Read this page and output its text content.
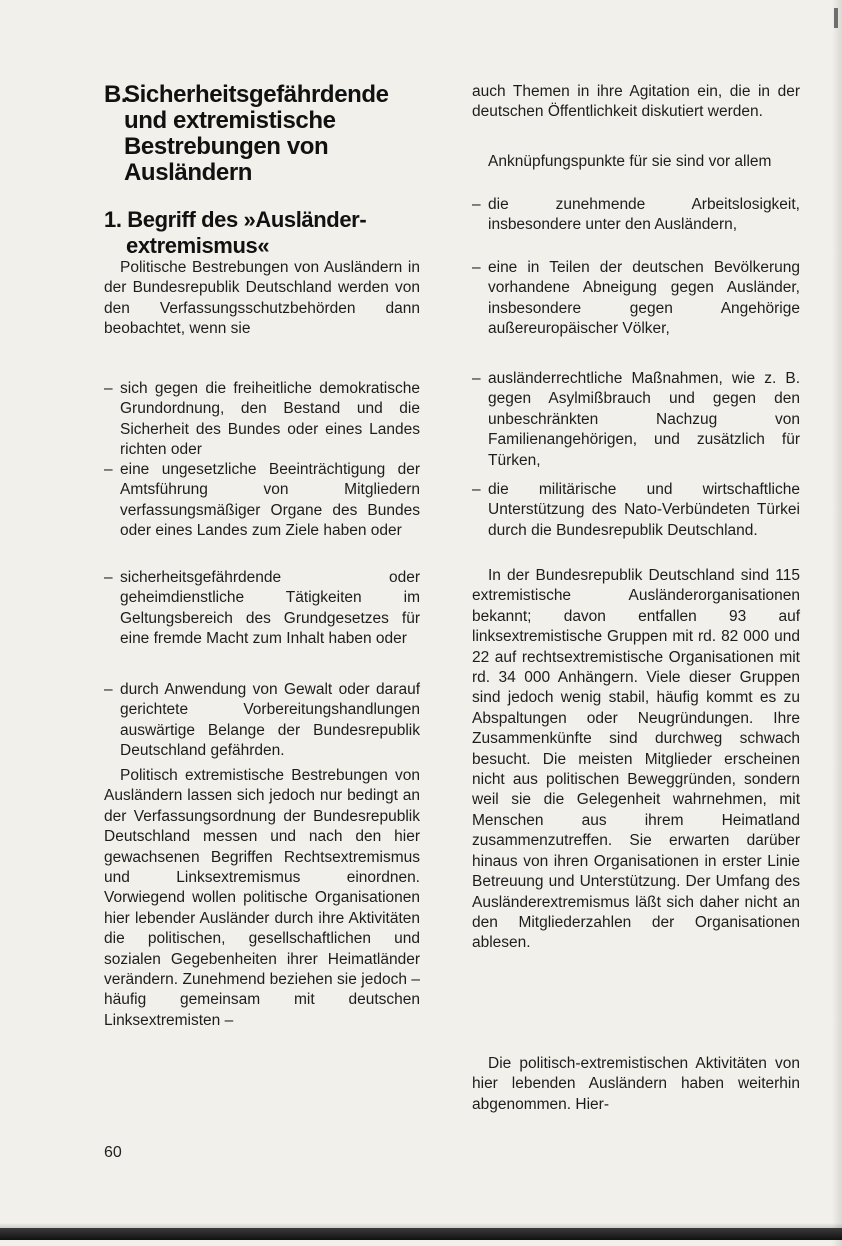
B.Sicherheitsgefährdende
und extremistische
Bestrebungen von
Ausländern
1. Begriff des »Ausländer-
extremismus«

Politische Bestrebungen von Ausländern in der Bundesrepublik Deutschland werden von den Verfassungsschutzbehörden dann beobachtet, wenn sie

– sich gegen die freiheitliche demokratische Grundordnung, den Bestand und die Sicherheit des Bundes oder eines Landes richten oder

– eine ungesetzliche Beeinträchtigung der Amtsführung von Mitgliedern verfassungsmäßiger Organe des Bundes oder eines Landes zum Ziele haben oder

– sicherheitsgefährdende oder geheimdienstliche Tätigkeiten im Geltungsbereich des Grundgesetzes für eine fremde Macht zum Inhalt haben oder

– durch Anwendung von Gewalt oder darauf gerichtete Vorbereitungshandlungen auswärtige Belange der Bundesrepublik Deutschland gefährden.

Politisch extremistische Bestrebungen von Ausländern lassen sich jedoch nur bedingt an der Verfassungsordnung der Bundesrepublik Deutschland messen und nach den hier gewachsenen Begriffen Rechtsextremismus und Linksextremismus einordnen. Vorwiegend wollen politische Organisationen hier lebender Ausländer durch ihre Aktivitäten die politischen, gesellschaftlichen und sozialen Gegebenheiten ihrer Heimatländer verändern. Zunehmend beziehen sie jedoch – häufig gemeinsam mit deutschen Linksextremisten –

auch Themen in ihre Agitation ein, die in der deutschen Öffentlichkeit diskutiert werden.

Anknüpfungspunkte für sie sind vor allem

– die zunehmende Arbeitslosigkeit, insbesondere unter den Ausländern,

– eine in Teilen der deutschen Bevölkerung vorhandene Abneigung gegen Ausländer, insbesondere gegen Angehörige außereuropäischer Völker,

– ausländerrechtliche Maßnahmen, wie z. B. gegen Asylmißbrauch und gegen den unbeschränkten Nachzug von Familienangehörigen, und zusätzlich für Türken,

– die militärische und wirtschaftliche Unterstützung des Nato-Verbündeten Türkei durch die Bundesrepublik Deutschland.

In der Bundesrepublik Deutschland sind 115 extremistische Ausländerorganisationen bekannt; davon entfallen 93 auf linksextremistische Gruppen mit rd. 82 000 und 22 auf rechtsextremistische Organisationen mit rd. 34 000 Anhängern. Viele dieser Gruppen sind jedoch wenig stabil, häufig kommt es zu Abspaltungen oder Neugründungen. Ihre Zusammenkünfte sind durchweg schwach besucht. Die meisten Mitglieder erscheinen nicht aus politischen Beweggründen, sondern weil sie die Gelegenheit wahrnehmen, mit Menschen aus ihrem Heimatland zusammenzutreffen. Sie erwarten darüber hinaus von ihren Organisationen in erster Linie Betreuung und Unterstützung. Der Umfang des Ausländerextremismus läßt sich daher nicht an den Mitgliederzahlen der Organisationen ablesen.

Die politisch-extremistischen Aktivitäten von hier lebenden Ausländern haben weiterhin abgenommen. Hier-

60
